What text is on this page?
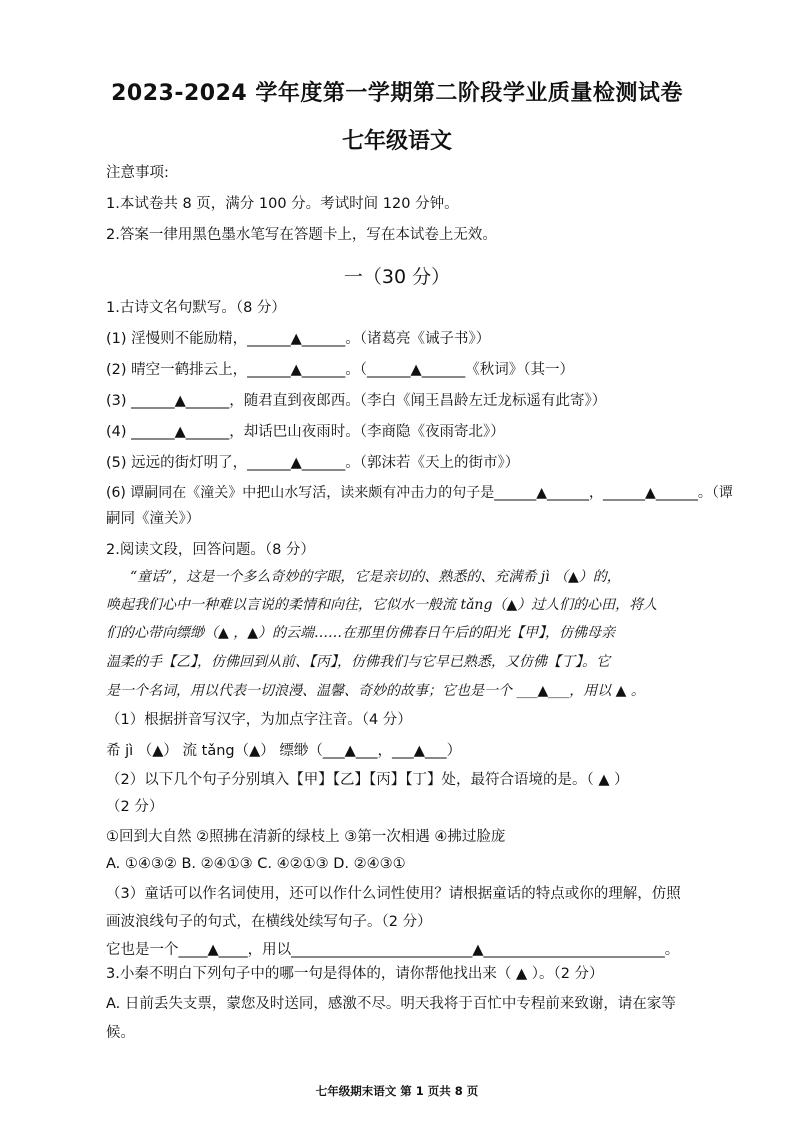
2023-2024 学年度第一学期第二阶段学业质量检测试卷
七年级语文
注意事项:
1.本试卷共 8 页，满分 100 分。考试时间 120 分钟。
2.答案一律用黑色墨水笔写在答题卡上，写在本试卷上无效。
一（30 分）
1.古诗文名句默写。（8 分）
(1) 淫慢则不能励精，______▲______。（诸葛亮《诫子书》）
(2) 晴空一鹤排云上，______▲______。（______▲______《秋词》（其一）
(3) ______▲______，随君直到夜郎西。（李白《闻王昌龄左迁龙标遥有此寄》）
(4) ______▲______，却话巴山夜雨时。（李商隐《夜雨寄北》）
(5) 远远的街灯明了，______▲______。（郭沫若《天上的街市》）
(6) 谭嗣同在《潼关》中把山水写活，读来颇有冲击力的句子是______▲______，______▲______。（谭
嗣同《潼关》）
2.阅读文段，回答问题。（8 分）
“童话”，这是一个多么奇妙的字眼，它是亲切的、熟悉的、充满希 jì （▲）的，
唤起我们心中一种难以言说的柔情和向往，它似水一般流 tǎng（▲）过人们的心田，将人
们的心带向缥缈（▲ ，▲）的云端……在那里仿佛春日午后的阳光【甲】，仿佛母亲
温柔的手【乙】，仿佛回到从前、【丙】，仿佛我们与它早已熟悉，又仿佛【丁】。它
是一个名词，用以代表一切浪漫、温馨、奇妙的故事；它也是一个 ___▲___，用以 ▲ 。
（1）根据拼音写汉字，为加点字注音。（4 分）
希 jì （▲） 流 tǎng（▲） 缥缈（___▲___，___▲___）
（2）以下几个句子分别填入【甲】【乙】【丙】【丁】处，最符合语境的是。（ ▲ ）
（2 分）
①回到大自然 ②照拂在清新的绿枝上 ③第一次相遇 ④拂过脸庞
A. ①④③② B. ②④①③ C. ④②①③ D. ②④③①
（3）童话可以作名词使用，还可以作什么词性使用？请根据童话的特点或你的理解，仿照
画波浪线句子的句式，在横线处续写句子。（2 分）
它也是一个____▲____，用以_________________________▲_________________________。
3.小秦不明白下列句子中的哪一句是得体的，请你帮他找出来（ ▲ ）。（2 分）
A. 日前丢失支票，蒙您及时送同，感激不尽。明天我将于百忙中专程前来致谢，请在家等
候。
七年级期末语文 第 1 页共 8 页
